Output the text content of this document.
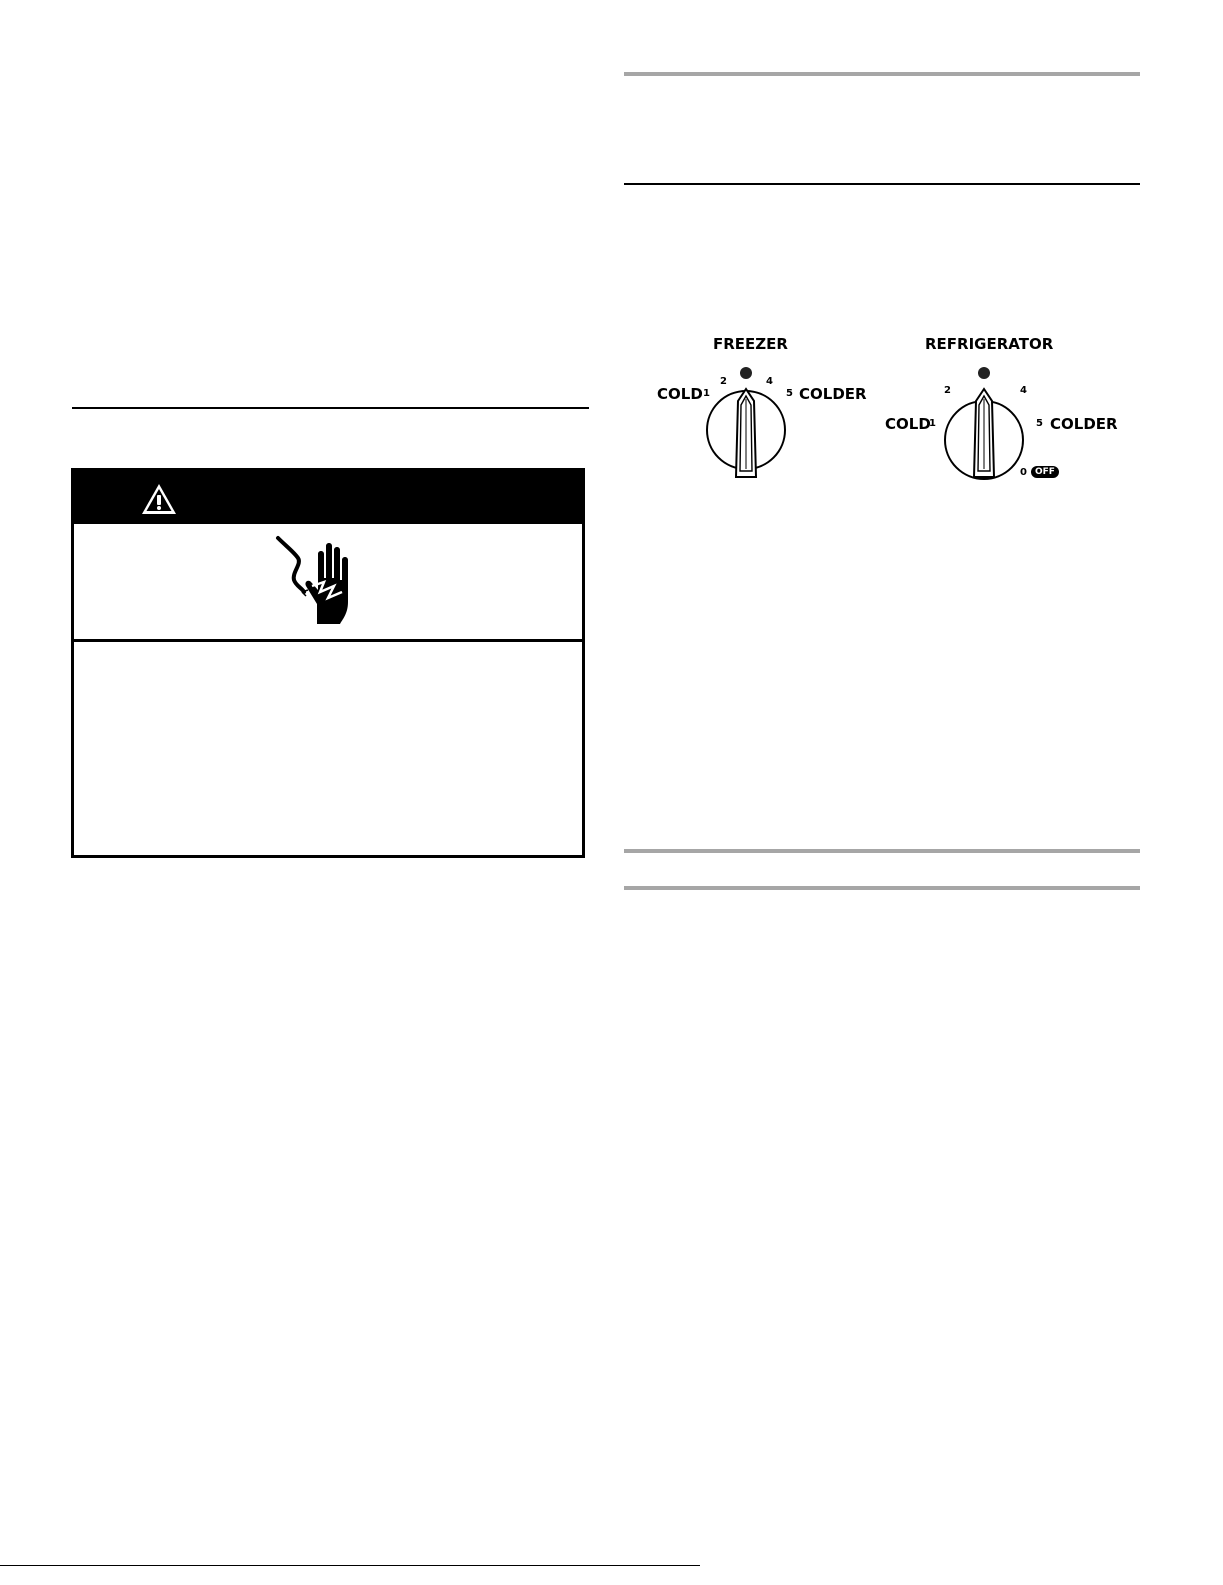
FREEZER
COLD 1
2	4
5 COLDER
REFRIGERATOR
COLD
1
2	4
5 COLDER
0 OFF
